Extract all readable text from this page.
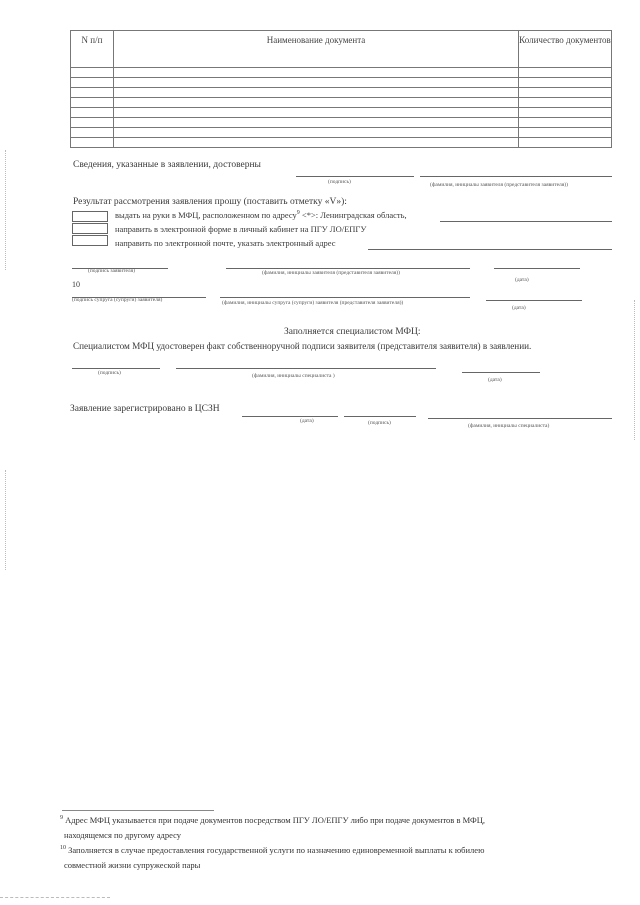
N п/п	Наименование документа	Количество документов

Сведения, указанные в заявлении, достоверны
(подпись)	(фамилия, инициалы заявителя (представителя заявителя))
Результат рассмотрения заявления прошу (поставить отметку «V»):
выдать на руки в МФЦ, расположенном по адресу$^9$ <*>: Ленинградская область,
направить в электронной форме в личный кабинет на ПГУ ЛО/ЕПГУ
направить по электронной почте, указать электронный адрес
(подпись заявителя)	(фамилия, инициалы заявителя (представителя заявителя))
(дата)
10
(подпись супруга (супруги) заявителя)	(фамилия, инициалы супруга (супруги) заявителя (представителя заявителя))
(дата)
Заполняется специалистом МФЦ:
Специалистом МФЦ удостоверен факт собственноручной подписи заявителя (представителя заявителя) в заявлении.
(подпись)	(фамилия, инициалы специалиста )
(дата)
Заявление зарегистрировано в ЦСЗН
(дата)	(подпись)	(фамилия, инициалы специалиста)
$^9$ Адрес МФЦ указывается при подаче документов посредством ПГУ ЛО/ЕПГУ либо при подаче документов в МФЦ,
находящемся по другому адресу
$^{10}$ Заполняется в случае предоставления государственной услуги по назначению единовременной выплаты к юбилею
совместной жизни супружеской пары
